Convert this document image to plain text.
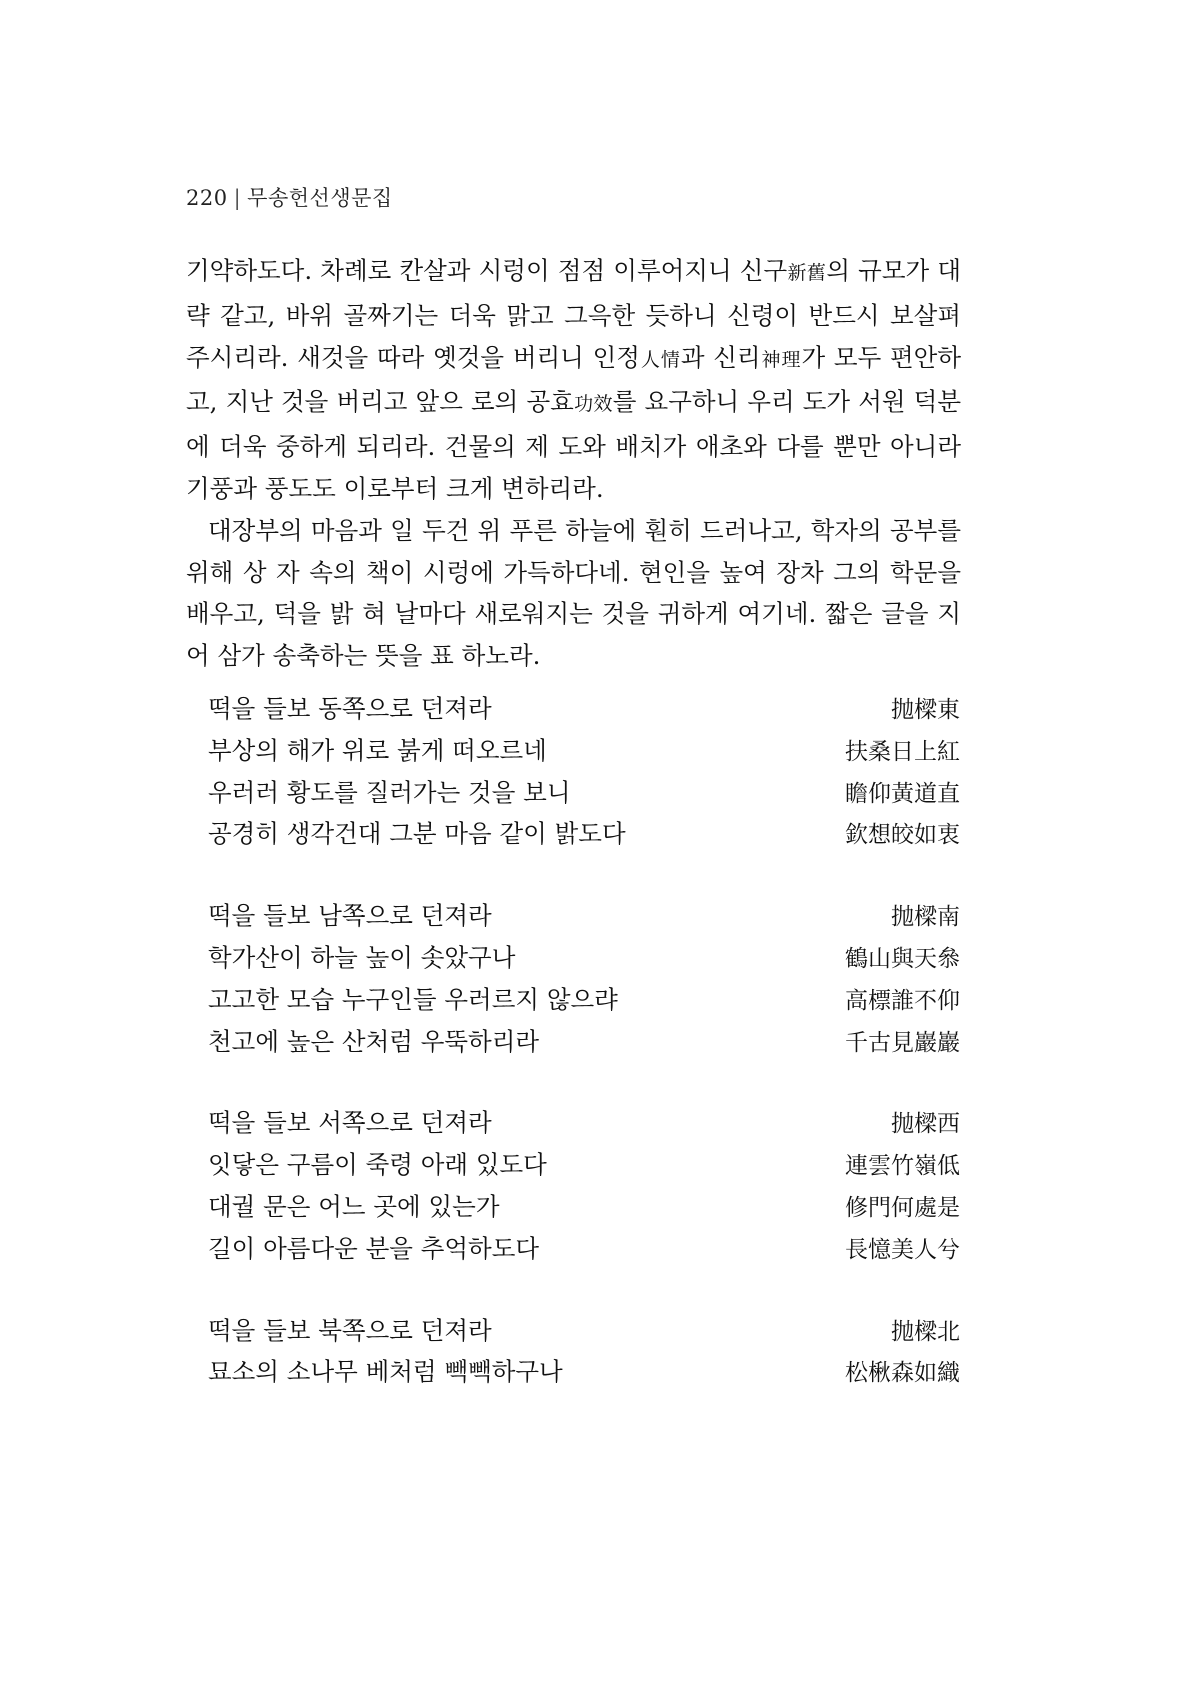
220 | 무송헌선생문집

기약하도다. 차례로 칸살과 시렁이 점점 이루어지니 신구新舊의 규모가 대략 같고, 바위 골짜기는 더욱 맑고 그윽한 듯하니 신령이 반드시 보살펴 주시리라. 새것을 따라 옛것을 버리니 인정人情과 신리神理가 모두 편안하고, 지난 것을 버리고 앞으 로의 공효功效를 요구하니 우리 도가 서원 덕분에 더욱 중하게 되리라. 건물의 제 도와 배치가 애초와 다를 뿐만 아니라 기풍과 풍도도 이로부터 크게 변하리라.

대장부의 마음과 일 두건 위 푸른 하늘에 훤히 드러나고, 학자의 공부를 위해 상 자 속의 책이 시렁에 가득하다네. 현인을 높여 장차 그의 학문을 배우고, 덕을 밝 혀 날마다 새로워지는 것을 귀하게 여기네. 짧은 글을 지어 삼가 송축하는 뜻을 표 하노라.

떡을 들보 동쪽으로 던져라	抛樑東
부상의 해가 위로 붉게 떠오르네	扶桑日上紅
우러러 황도를 질러가는 것을 보니	瞻仰黃道直
공경히 생각건대 그분 마음 같이 밝도다	欽想皎如衷
떡을 들보 남쪽으로 던져라	抛樑南
학가산이 하늘 높이 솟았구나	鶴山與天叅
고고한 모습 누구인들 우러르지 않으랴	高標誰不仰
천고에 높은 산처럼 우뚝하리라	千古見巖巖
떡을 들보 서쪽으로 던져라	抛樑西
잇닿은 구름이 죽령 아래 있도다	連雲竹嶺低
대궐 문은 어느 곳에 있는가	修門何處是
길이 아름다운 분을 추억하도다	長憶美人兮
떡을 들보 북쪽으로 던져라	抛樑北
묘소의 소나무 베처럼 빽빽하구나	松楸森如織
